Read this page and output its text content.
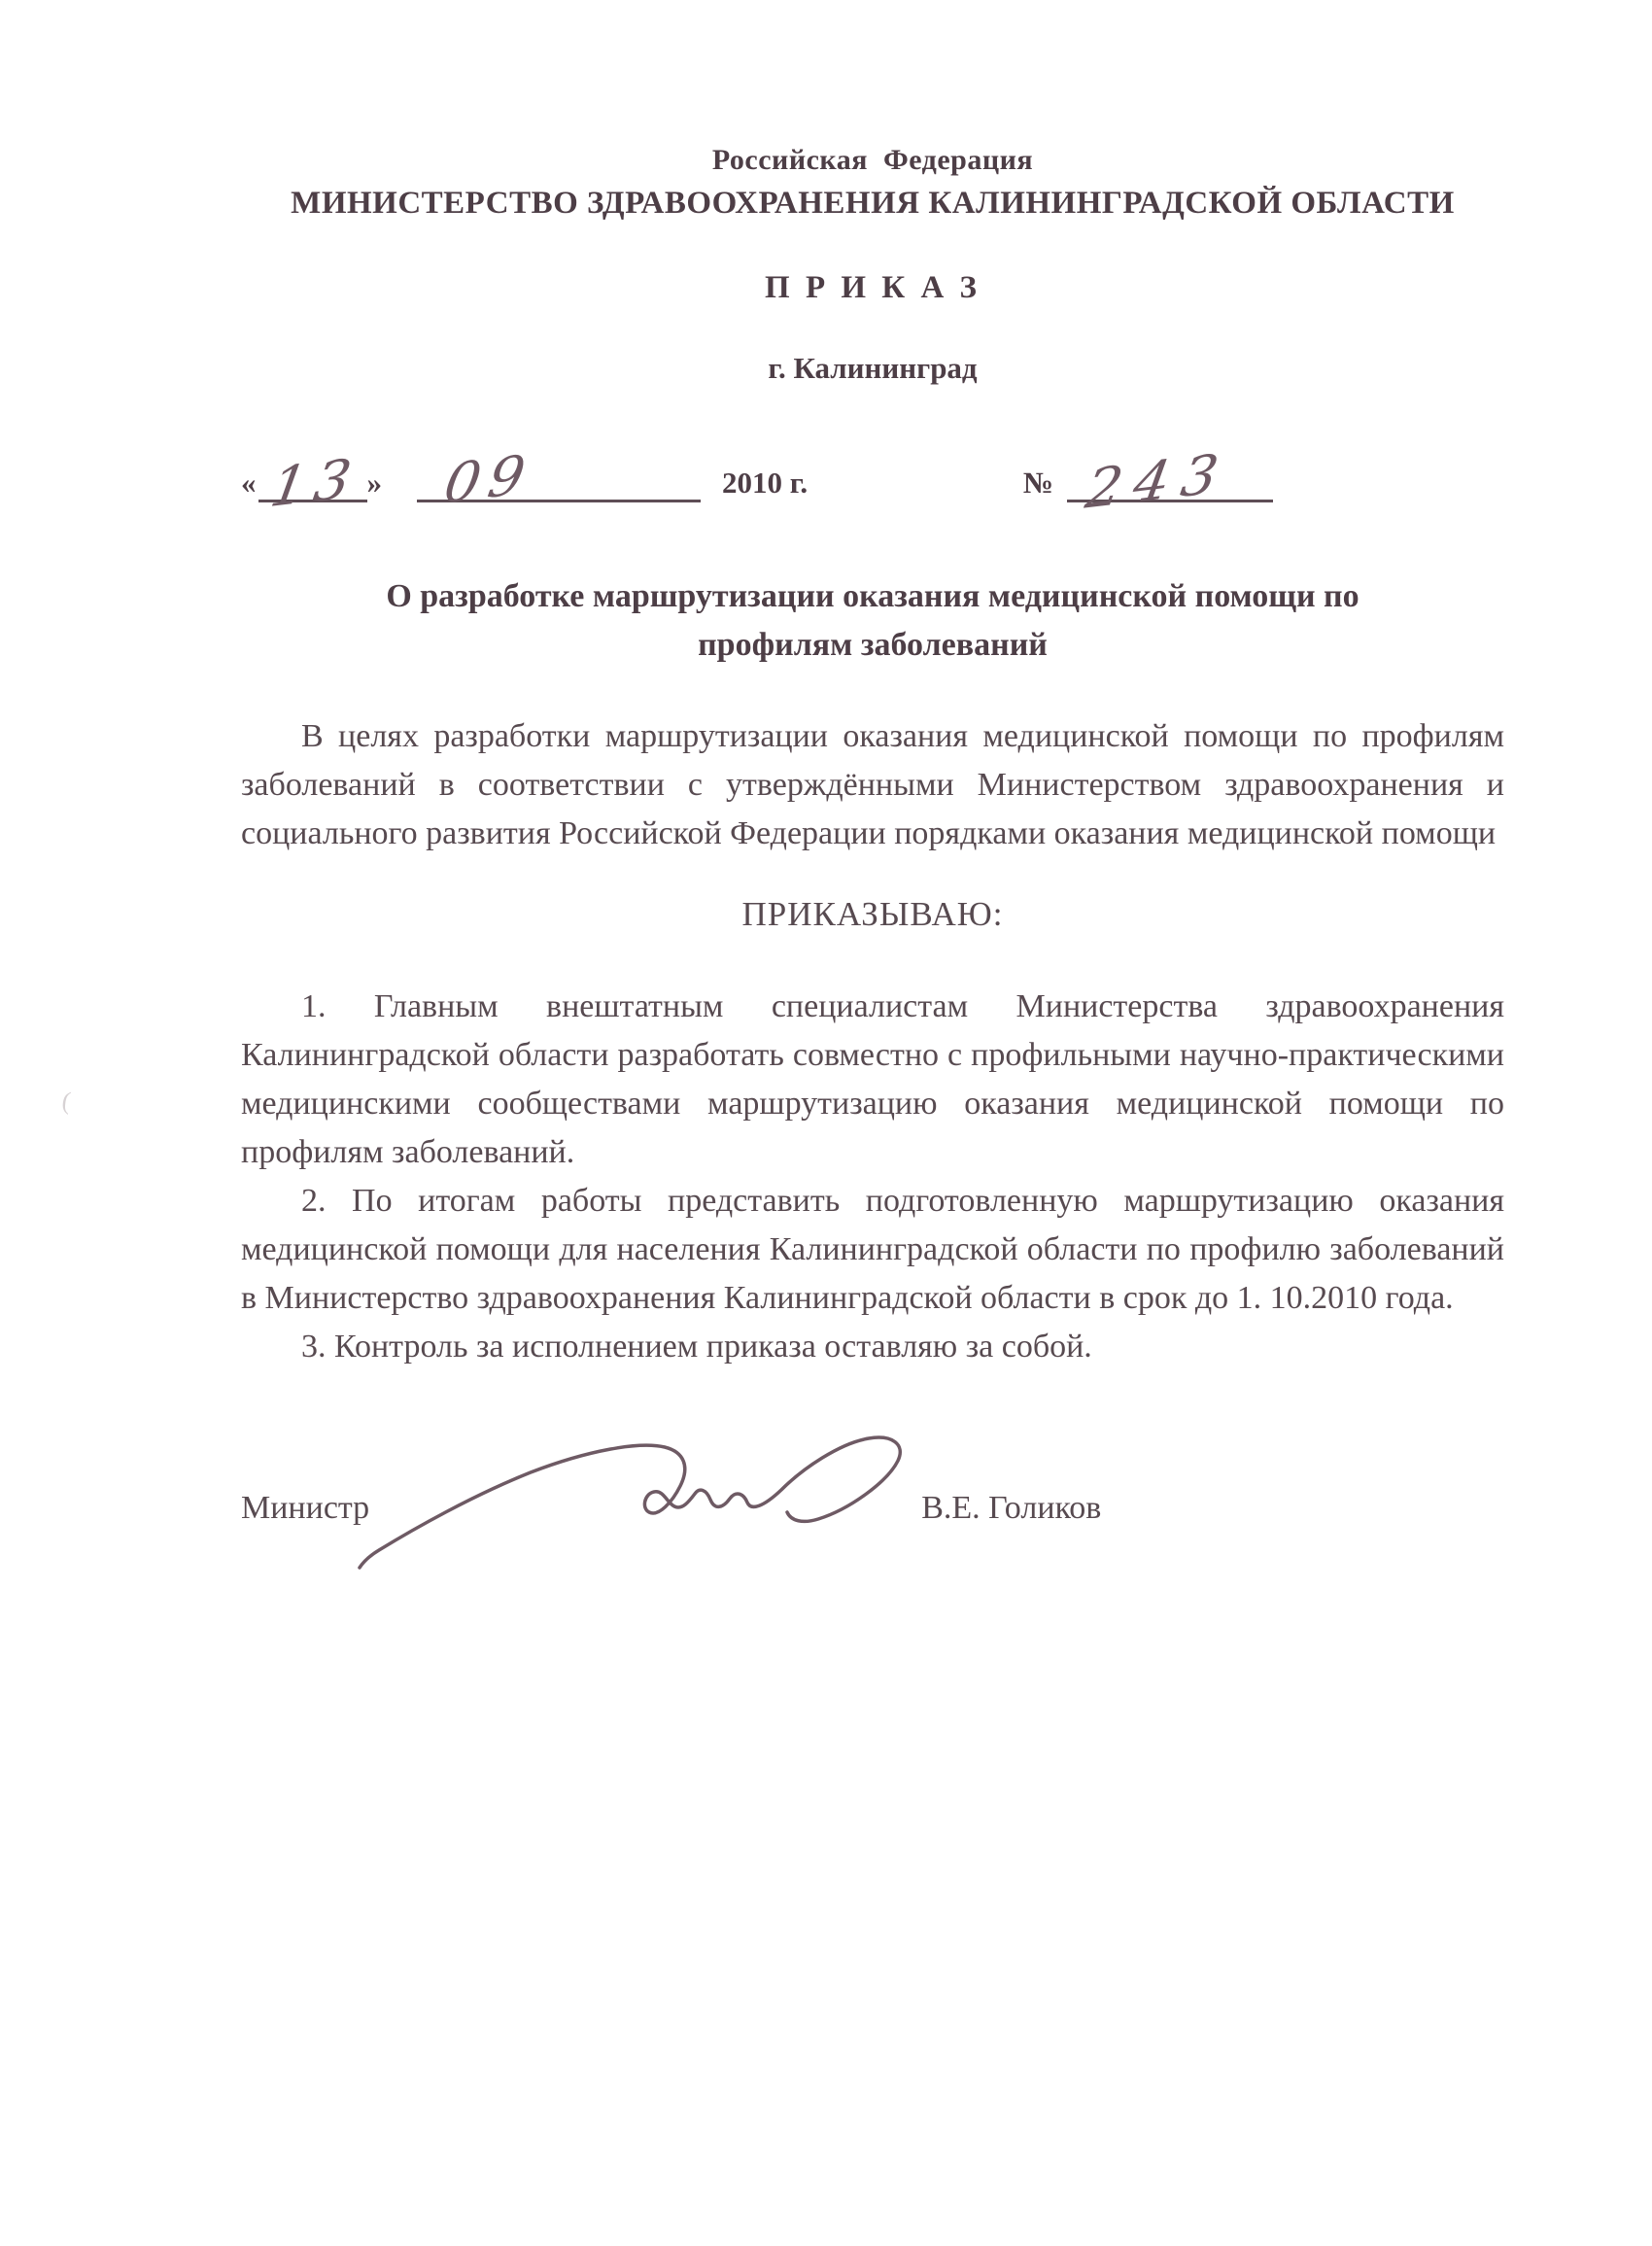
(
Российская  Федерация
МИНИСТЕРСТВО ЗДРАВООХРАНЕНИЯ КАЛИНИНГРАДСКОЙ ОБЛАСТИ
П Р И К А З
г. Калининград
« 13 » 09	2010 г.	№ 243
О разработке маршрутизации оказания медицинской помощи по профилям заболеваний

В целях разработки маршрутизации оказания медицинской помощи по профилям заболеваний в соответствии с утверждёнными Министерством здравоохранения и социального развития Российской Федерации порядками оказания медицинской помощи

ПРИКАЗЫВАЮ:

1. Главным внештатным специалистам Министерства здравоохранения Калининградской области разработать совместно с профильными научно-практическими медицинскими сообществами маршрутизацию оказания медицинской помощи по профилям заболеваний.

2. По итогам работы представить подготовленную маршрутизацию оказания медицинской помощи для населения Калининградской области по профилю заболеваний в Министерство здравоохранения Калининградской области в срок до 1. 10.2010 года.

3. Контроль за исполнением приказа оставляю за собой.

Министр	В.Е. Голиков
